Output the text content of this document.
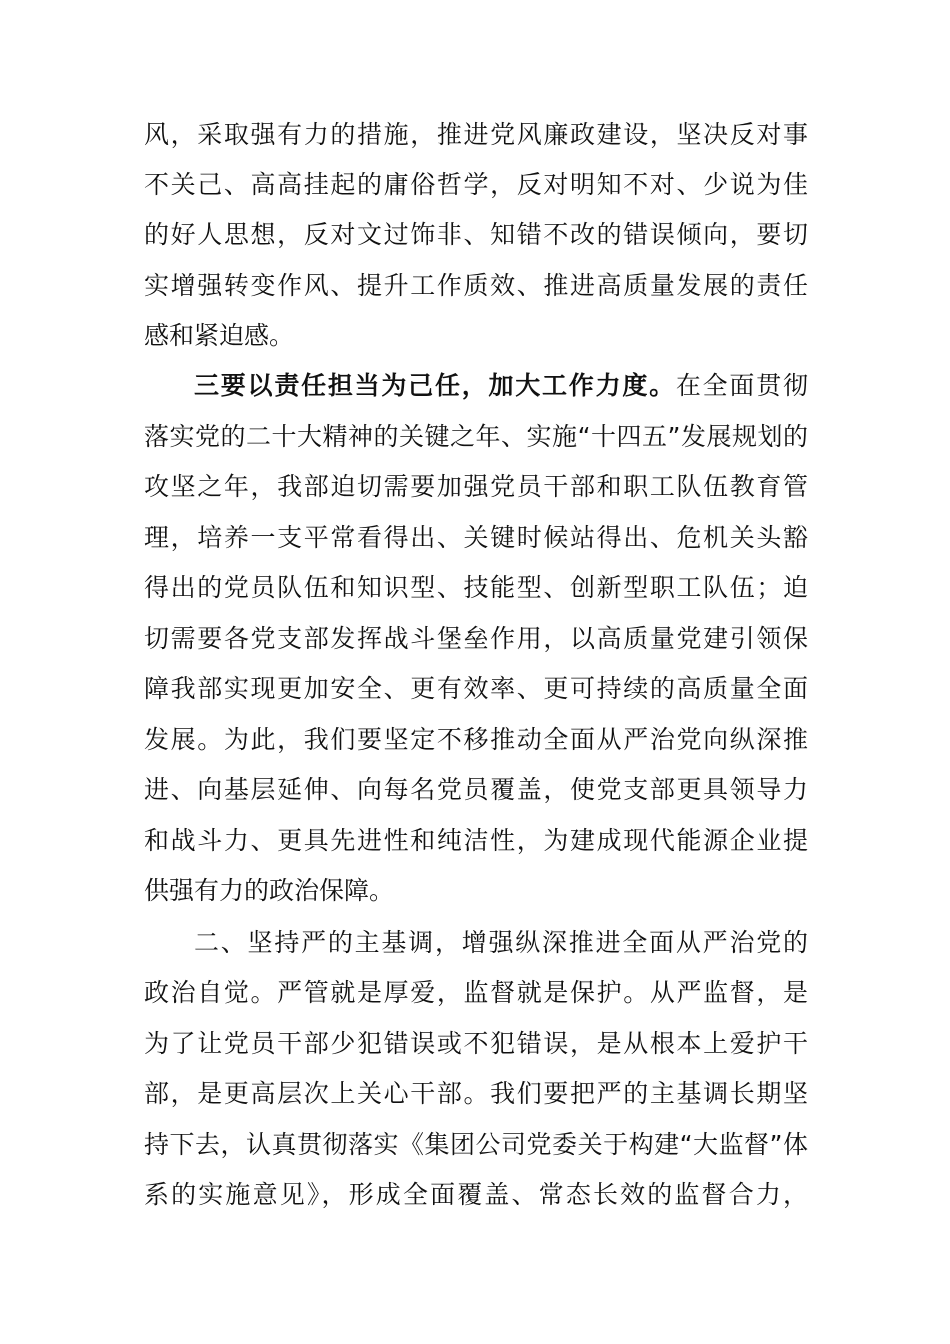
风，采取强有力的措施，推进党风廉政建设，坚决反对事
不关己、高高挂起的庸俗哲学，反对明知不对、少说为佳
的好人思想，反对文过饰非、知错不改的错误倾向，要切
实增强转变作风、提升工作质效、推进高质量发展的责任
感和紧迫感。
三要以责任担当为己任，加大工作力度。在全面贯彻
落实党的二十大精神的关键之年、实施“十四五”发展规划的
攻坚之年，我部迫切需要加强党员干部和职工队伍教育管
理，培养一支平常看得出、关键时候站得出、危机关头豁
得出的党员队伍和知识型、技能型、创新型职工队伍；迫
切需要各党支部发挥战斗堡垒作用，以高质量党建引领保
障我部实现更加安全、更有效率、更可持续的高质量全面
发展。为此，我们要坚定不移推动全面从严治党向纵深推
进、向基层延伸、向每名党员覆盖，使党支部更具领导力
和战斗力、更具先进性和纯洁性，为建成现代能源企业提
供强有力的政治保障。
二、坚持严的主基调，增强纵深推进全面从严治党的
政治自觉。严管就是厚爱，监督就是保护。从严监督，是
为了让党员干部少犯错误或不犯错误，是从根本上爱护干
部，是更高层次上关心干部。我们要把严的主基调长期坚
持下去，认真贯彻落实《集团公司党委关于构建“大监督”体
系的实施意见》，形成全面覆盖、常态长效的监督合力，
